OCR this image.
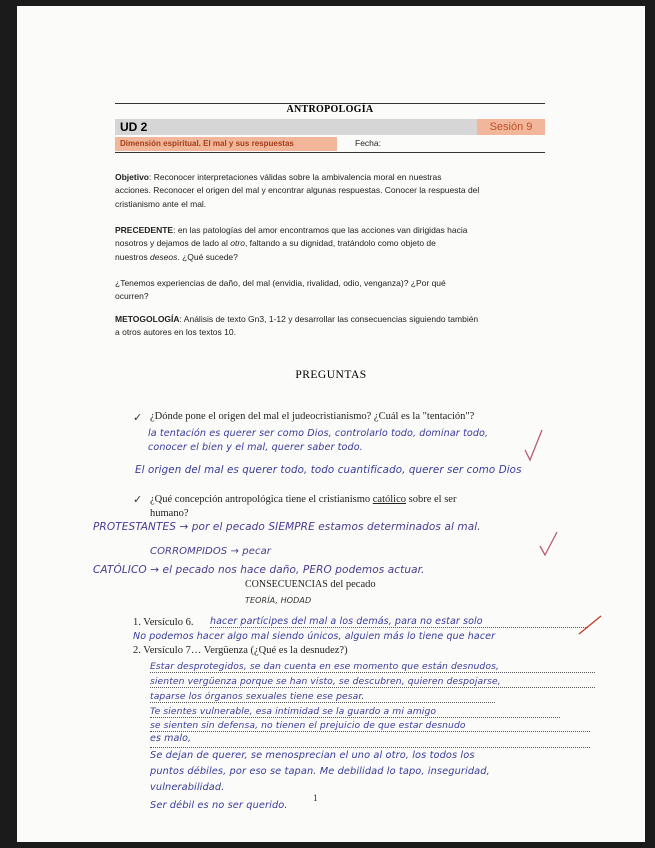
ANTROPOLOGÍA
UD 2	Sesión 9
Dimensión espiritual. El mal y sus respuestas	Fecha:
Objetivo: Reconocer interpretaciones válidas sobre la ambivalencia moral en nuestras
acciones. Reconocer el origen del mal y encontrar algunas respuestas. Conocer la respuesta del
cristianismo ante el mal.
PRECEDENTE: en las patologías del amor encontramos que las acciones van dirigidas hacia
nosotros y dejamos de lado al otro, faltando a su dignidad, tratándolo como objeto de
nuestros deseos. ¿Qué sucede?
¿Tenemos experiencias de daño, del mal (envidia, rivalidad, odio, venganza)? ¿Por qué
ocurren?
METOGOLOGÍA: Análisis de texto Gn3, 1-12 y desarrollar las consecuencias siguiendo también
a otros autores en los textos 10.
PREGUNTAS
✓ ¿Dónde pone el origen del mal el judeocristianismo? ¿Cuál es la "tentación"?
la tentación es querer ser como Dios, controlarlo todo, dominar todo,
conocer el bien y el mal, querer saber todo.
El origen del mal es querer todo, todo cuantificado, querer ser como Dios
✓ ¿Qué concepción antropológica tiene el cristianismo católico sobre el ser
humano?
PROTESTANTES → por el pecado SIEMPRE estamos determinados al mal.
CORROMPIDOS → pecar
CATÓLICO → el pecado nos hace daño, PERO podemos actuar.
CONSECUENCIAS del pecado
TEORÍA, HODAD
1. Versículo 6. hacer partícipes del mal a los demás, para no estar solo
No podemos hacer algo mal siendo únicos, alguien más lo tiene que hacer
2. Versículo 7… Vergüenza (¿Qué es la desnudez?)
Estar desprotegidos, se dan cuenta en ese momento que están desnudos,
sienten vergüenza porque se han visto, se descubren, quieren despojarse,
taparse los órganos sexuales tiene ese pesar.
Te sientes vulnerable, esa intimidad se la guardo a mi amigo
se sienten sin defensa, no tienen el prejuicio de que estar desnudo
es malo,
Se dejan de querer, se menosprecian el uno al otro, los todos los
puntos débiles, por eso se tapan. Me debilidad lo tapo, inseguridad,
vulnerabilidad.
Ser débil es no ser querido.
1
